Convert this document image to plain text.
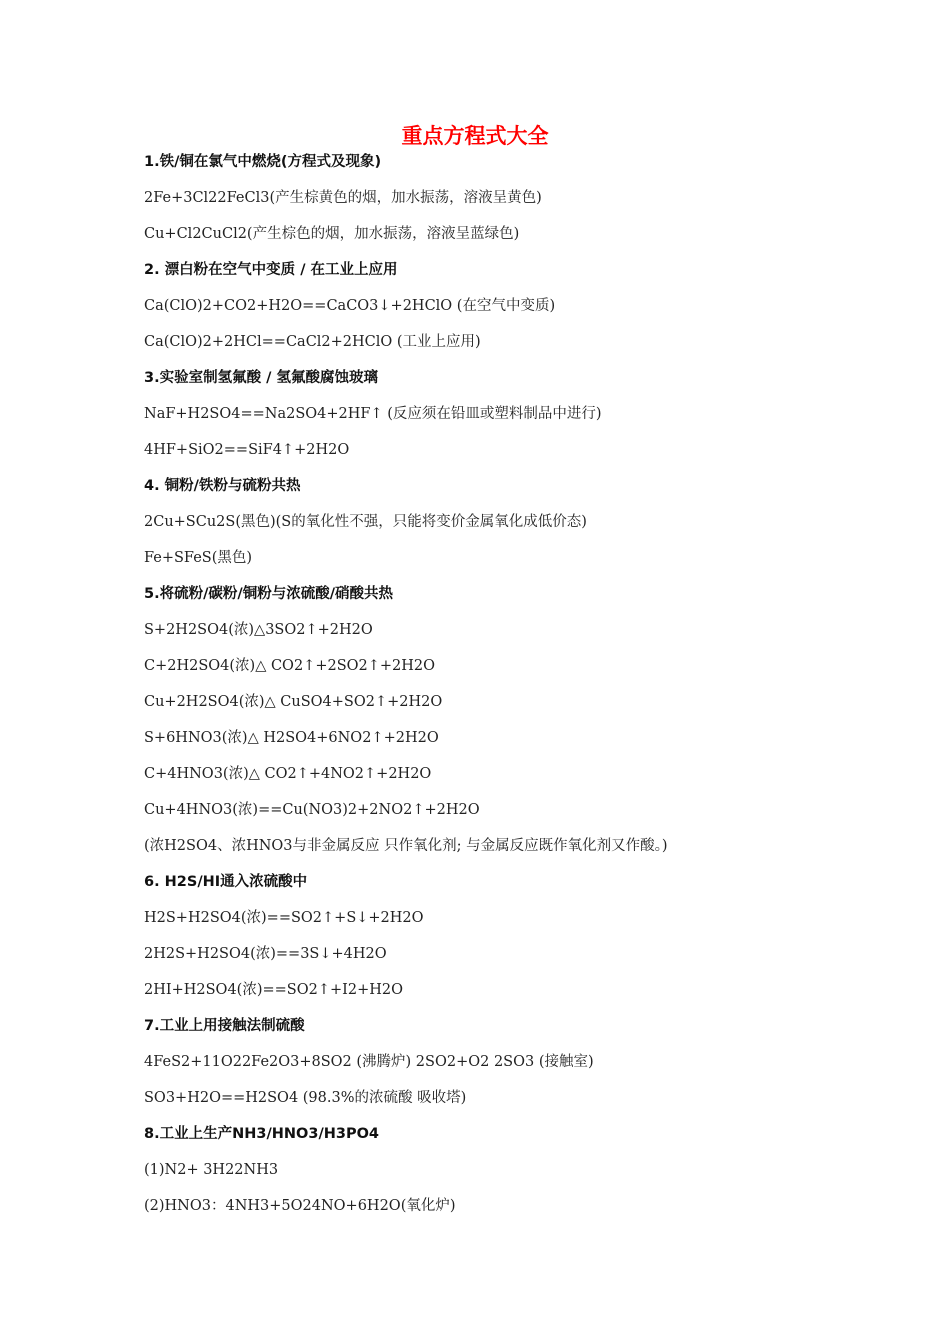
重点方程式大全
1.铁/铜在氯气中燃烧(方程式及现象)
2Fe+3Cl22FeCl3(产生棕黄色的烟，加水振荡，溶液呈黄色)
Cu+Cl2CuCl2(产生棕色的烟，加水振荡，溶液呈蓝绿色)
2. 漂白粉在空气中变质 / 在工业上应用
Ca(ClO)2+CO2+H2O==CaCO3↓+2HClO (在空气中变质)
Ca(ClO)2+2HCl==CaCl2+2HClO (工业上应用)
3.实验室制氢氟酸 / 氢氟酸腐蚀玻璃
NaF+H2SO4==Na2SO4+2HF↑ (反应须在铅皿或塑料制品中进行)
4HF+SiO2==SiF4↑+2H2O
4. 铜粉/铁粉与硫粉共热
2Cu+SCu2S(黑色)(S的氧化性不强，只能将变价金属氧化成低价态)
Fe+SFeS(黑色)
5.将硫粉/碳粉/铜粉与浓硫酸/硝酸共热
S+2H2SO4(浓)△3SO2↑+2H2O
C+2H2SO4(浓)△ CO2↑+2SO2↑+2H2O
Cu+2H2SO4(浓)△ CuSO4+SO2↑+2H2O
S+6HNO3(浓)△ H2SO4+6NO2↑+2H2O
C+4HNO3(浓)△ CO2↑+4NO2↑+2H2O
Cu+4HNO3(浓)==Cu(NO3)2+2NO2↑+2H2O
(浓H2SO4、浓HNO3与非金属反应 只作氧化剂; 与金属反应既作氧化剂又作酸。)
6. H2S/HI通入浓硫酸中
H2S+H2SO4(浓)==SO2↑+S↓+2H2O
2H2S+H2SO4(浓)==3S↓+4H2O
2HI+H2SO4(浓)==SO2↑+I2+H2O
7.工业上用接触法制硫酸
4FeS2+11O22Fe2O3+8SO2 (沸腾炉) 2SO2+O2 2SO3 (接触室)
SO3+H2O==H2SO4 (98.3%的浓硫酸 吸收塔)
8.工业上生产NH3/HNO3/H3PO4
(1)N2+ 3H22NH3
(2)HNO3：4NH3+5O24NO+6H2O(氧化炉)
